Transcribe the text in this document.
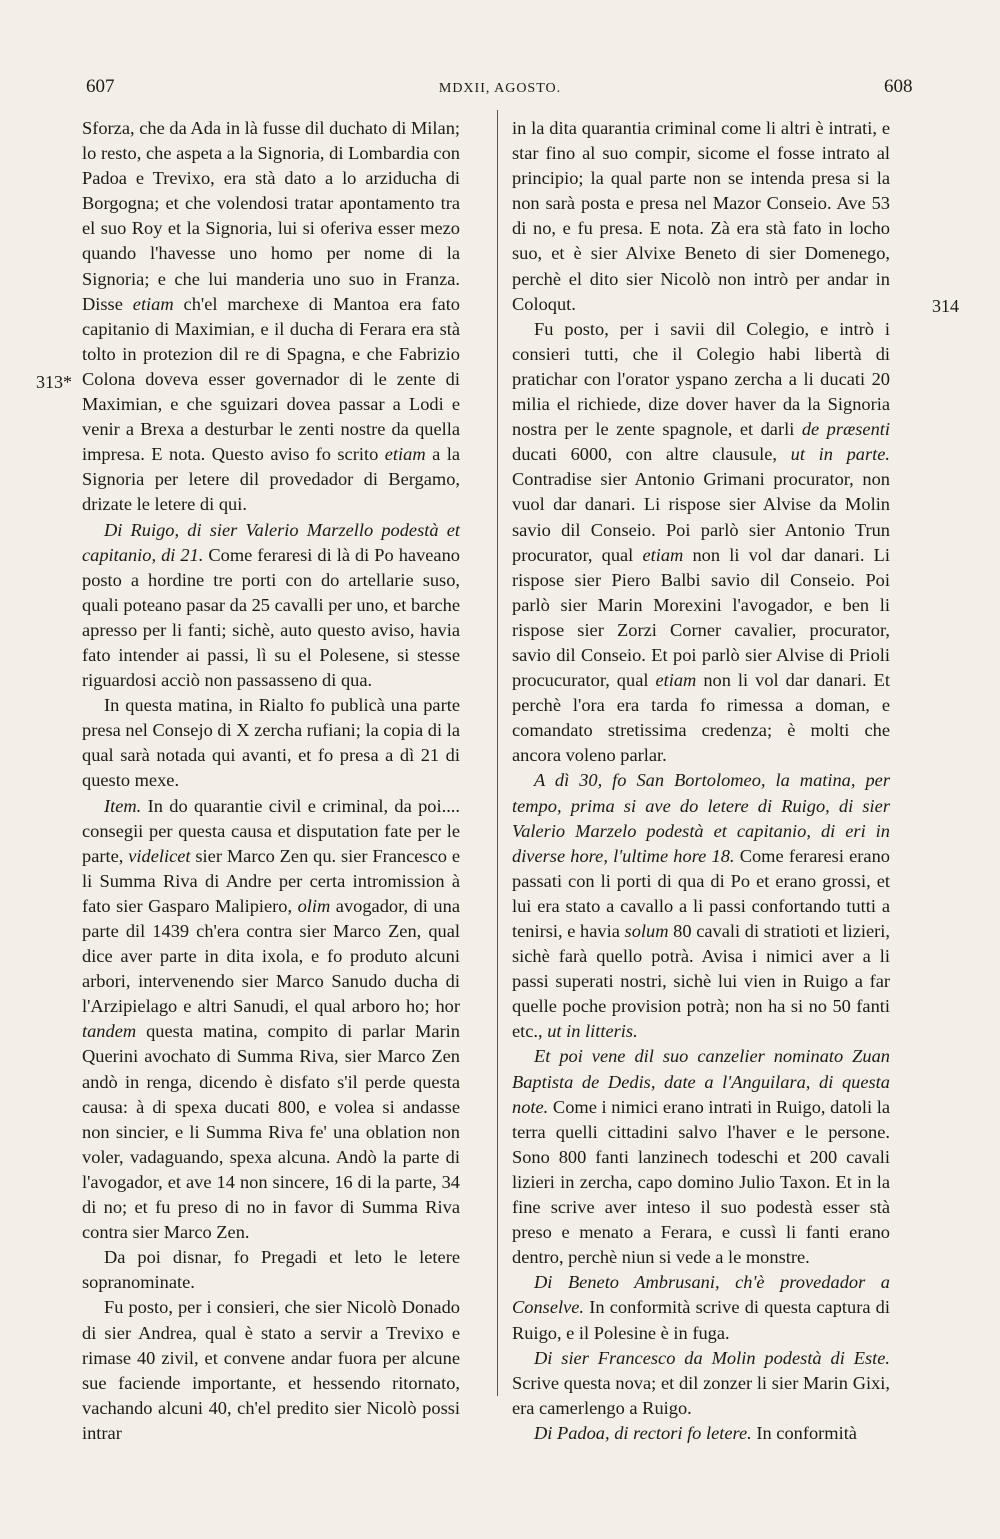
607	MDXII, AGOSTO.	608
313*
314

Sforza, che da Ada in là fusse dil duchato di Milan; lo resto, che aspeta a la Signoria, di Lombardia con Padoa e Trevixo, era stà dato a lo arziducha di Borgogna; et che volendosi tratar apontamento tra el suo Roy et la Signoria, lui si oferiva esser mezo quando l'havesse uno homo per nome di la Signoria; e che lui manderia uno suo in Franza. Disse etiam ch'el marchexe di Mantoa era fato capitanio di Maximian, e il ducha di Ferara era stà tolto in protezion dil re di Spagna, e che Fabrizio Colona doveva esser governador di le zente di Maximian, e che sguizari dovea passar a Lodi e venir a Brexa a desturbar le zenti nostre da quella impresa. E nota. Questo aviso fo scrito etiam a la Signoria per letere dil provedador di Bergamo, drizate le letere di qui.

Di Ruigo, di sier Valerio Marzello podestà et capitanio, di 21. Come feraresi di là di Po haveano posto a hordine tre porti con do artellarie suso, quali poteano pasar da 25 cavalli per uno, et barche apresso per li fanti; sichè, auto questo aviso, havia fato intender ai passi, lì su el Polesene, si stesse riguardosi acciò non passasseno di qua.

In questa matina, in Rialto fo publicà una parte presa nel Consejo di X zercha rufiani; la copia di la qual sarà notada qui avanti, et fo presa a dì 21 di questo mexe.

Item. In do quarantie civil e criminal, da poi.... consegii per questa causa et disputation fate per le parte, videlicet sier Marco Zen qu. sier Francesco e li Summa Riva di Andre per certa intromission à fato sier Gasparo Malipiero, olim avogador, di una parte dil 1439 ch'era contra sier Marco Zen, qual dice aver parte in dita ixola, e fo produto alcuni arbori, intervenendo sier Marco Sanudo ducha di l'Arzipielago e altri Sanudi, el qual arboro ho; hor tandem questa matina, compito di parlar Marin Querini avochato di Summa Riva, sier Marco Zen andò in renga, dicendo è disfato s'il perde questa causa: à di spexa ducati 800, e volea si andasse non sincier, e li Summa Riva fe' una oblation non voler, vadaguando, spexa alcuna. Andò la parte di l'avogador, et ave 14 non sincere, 16 di la parte, 34 di no; et fu preso di no in favor di Summa Riva contra sier Marco Zen.

Da poi disnar, fo Pregadi et leto le letere sopranominate.

Fu posto, per i consieri, che sier Nicolò Donado di sier Andrea, qual è stato a servir a Trevixo e rimase 40 zivil, et convene andar fuora per alcune sue faciende importante, et hessendo ritornato, vachando alcuni 40, ch'el predito sier Nicolò possi intrar

in la dita quarantia criminal come li altri è intrati, e star fino al suo compir, sicome el fosse intrato al principio; la qual parte non se intenda presa si la non sarà posta e presa nel Mazor Conseio. Ave 53 di no, e fu presa. E nota. Zà era stà fato in locho suo, et è sier Alvixe Beneto di sier Domenego, perchè el dito sier Nicolò non intrò per andar in Coloqut.

Fu posto, per i savii dil Colegio, e intrò i consieri tutti, che il Colegio habi libertà di pratichar con l'orator yspano zercha a li ducati 20 milia el richiede, dize dover haver da la Signoria nostra per le zente spagnole, et darli de præsenti ducati 6000, con altre clausule, ut in parte. Contradise sier Antonio Grimani procurator, non vuol dar danari. Li rispose sier Alvise da Molin savio dil Conseio. Poi parlò sier Antonio Trun procurator, qual etiam non li vol dar danari. Li rispose sier Piero Balbi savio dil Conseio. Poi parlò sier Marin Morexini l'avogador, e ben li rispose sier Zorzi Corner cavalier, procurator, savio dil Conseio. Et poi parlò sier Alvise di Prioli procucurator, qual etiam non li vol dar danari. Et perchè l'ora era tarda fo rimessa a doman, e comandato stretissima credenza; è molti che ancora voleno parlar.

A dì 30, fo San Bortolomeo, la matina, per tempo, prima si ave do letere di Ruigo, di sier Valerio Marzelo podestà et capitanio, di eri in diverse hore, l'ultime hore 18. Come feraresi erano passati con li porti di qua di Po et erano grossi, et lui era stato a cavallo a li passi confortando tutti a tenirsi, e havia solum 80 cavali di stratioti et lizieri, sichè farà quello potrà. Avisa i nimici aver a li passi superati nostri, sichè lui vien in Ruigo a far quelle poche provision potrà; non ha si no 50 fanti etc., ut in litteris.

Et poi vene dil suo canzelier nominato Zuan Baptista de Dedis, date a l'Anguilara, di questa note. Come i nimici erano intrati in Ruigo, datoli la terra quelli cittadini salvo l'haver e le persone. Sono 800 fanti lanzinech todeschi et 200 cavali lizieri in zercha, capo domino Julio Taxon. Et in la fine scrive aver inteso il suo podestà esser stà preso e menato a Ferara, e cussì li fanti erano dentro, perchè niun si vede a le monstre.

Di Beneto Ambrusani, ch'è provedador a Conselve. In conformità scrive di questa captura di Ruigo, e il Polesine è in fuga.

Di sier Francesco da Molin podestà di Este. Scrive questa nova; et dil zonzer li sier Marin Gixi, era camerlengo a Ruigo.

Di Padoa, di rectori fo letere. In conformità
